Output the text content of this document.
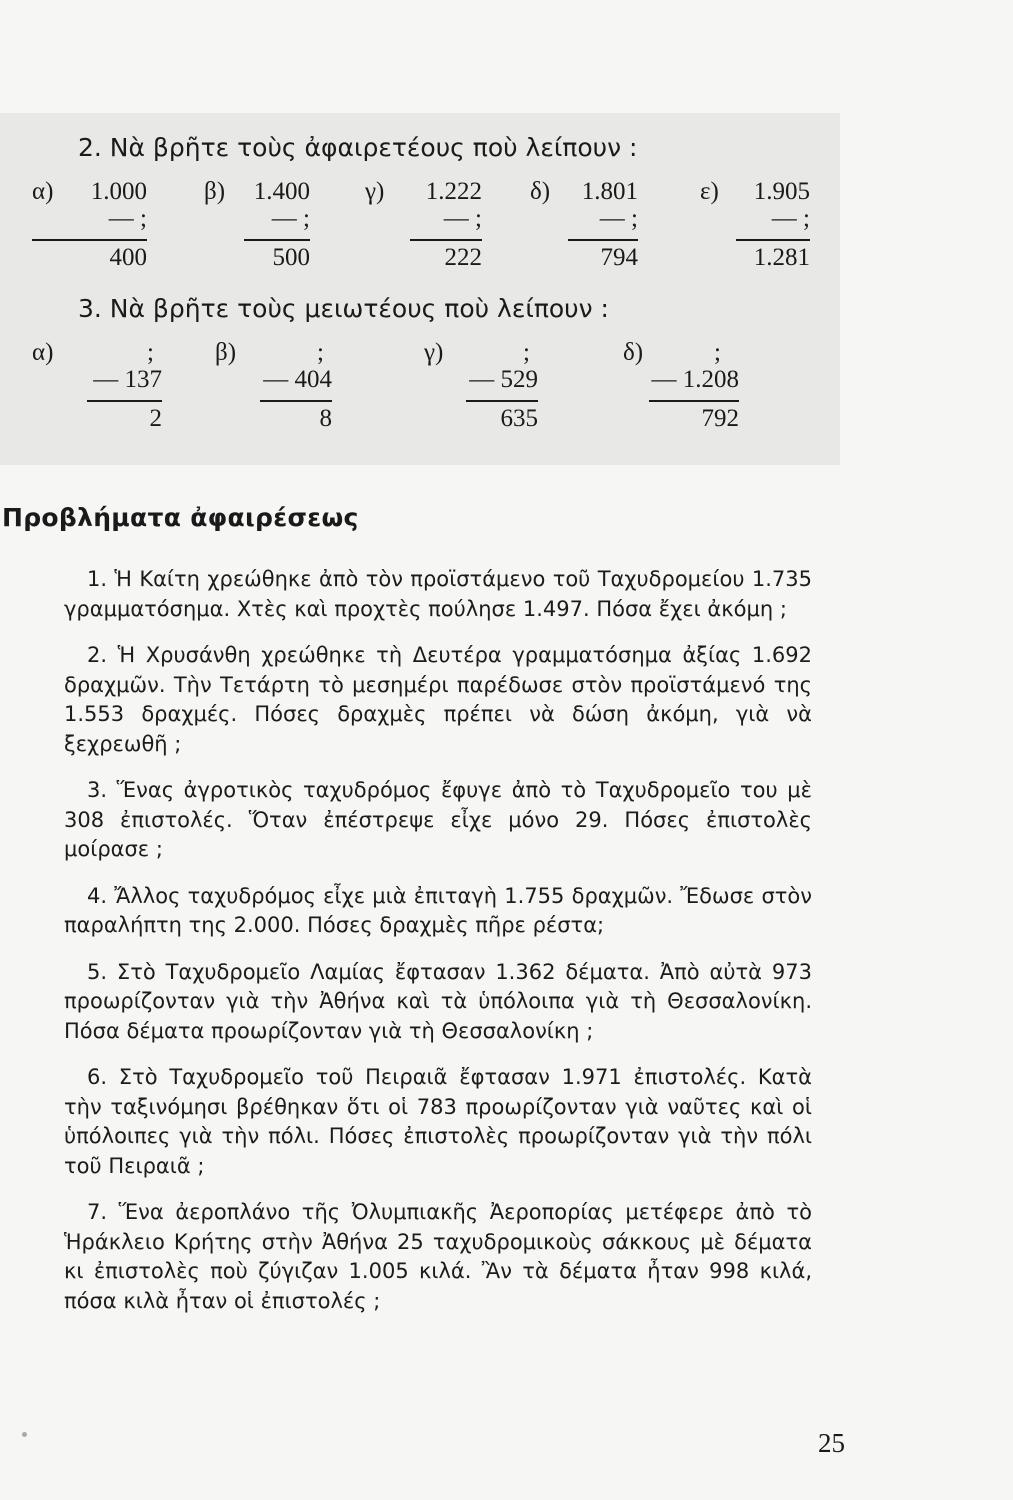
2. Νὰ βρῆτε τοὺς ἀφαιρετέους ποὺ λείπουν :
α) 1.000
— ;
400
β) 1.400
— ;
500
γ) 1.222
— ;
222
δ) 1.801
— ;
794
ε) 1.905
— ;
1.281
3. Νὰ βρῆτε τοὺς μειωτέους ποὺ λείπουν :
α)	;
— 137
2
β)	;
— 404
8
γ)	;
— 529
635
δ)	;
— 1.208
792
Προβλήματα ἀφαιρέσεως

1. Ἡ Καίτη χρεώθηκε ἀπὸ τὸν προϊστάμενο τοῦ Ταχυδρομείου 1.735 γραμματόσημα. Χτὲς καὶ προχτὲς πούλησε 1.497. Πόσα ἔχει ἀκόμη ;

2. Ἡ Χρυσάνθη χρεώθηκε τὴ Δευτέρα γραμματόσημα ἀξίας 1.692 δραχμῶν. Τὴν Τετάρτη τὸ μεσημέρι παρέδωσε στὸν προϊστάμενό της 1.553 δραχμές. Πόσες δραχμὲς πρέπει νὰ δώση ἀκόμη, γιὰ νὰ ξεχρεωθῆ ;

3. Ἕνας ἀγροτικὸς ταχυδρόμος ἔφυγε ἀπὸ τὸ Ταχυδρομεῖο του μὲ 308 ἐπιστολές. Ὅταν ἐπέστρεψε εἶχε μόνο 29. Πόσες ἐπιστολὲς μοίρασε ;

4. Ἄλλος ταχυδρόμος εἶχε μιὰ ἐπιταγὴ 1.755 δραχμῶν. Ἔδωσε στὸν παραλήπτη της 2.000. Πόσες δραχμὲς πῆρε ρέστα;

5. Στὸ Ταχυδρομεῖο Λαμίας ἔφτασαν 1.362 δέματα. Ἀπὸ αὐτὰ 973 προωρίζονταν γιὰ τὴν Ἀθήνα καὶ τὰ ὑπόλοιπα γιὰ τὴ Θεσσαλονίκη. Πόσα δέματα προωρίζονταν γιὰ τὴ Θεσσαλονίκη ;

6. Στὸ Ταχυδρομεῖο τοῦ Πειραιᾶ ἔφτασαν 1.971 ἐπιστολές. Κατὰ τὴν ταξινόμησι βρέθηκαν ὅτι οἱ 783 προωρίζονταν γιὰ ναῦτες καὶ οἱ ὑπόλοιπες γιὰ τὴν πόλι. Πόσες ἐπιστολὲς προωρίζονταν γιὰ τὴν πόλι τοῦ Πειραιᾶ ;

7. Ἕνα ἀεροπλάνο τῆς Ὀλυμπιακῆς Ἀεροπορίας μετέφερε ἀπὸ τὸ Ἡράκλειο Κρήτης στὴν Ἀθήνα 25 ταχυδρομικοὺς σάκκους μὲ δέματα κι ἐπιστολὲς ποὺ ζύγιζαν 1.005 κιλά. Ἂν τὰ δέματα ἦταν 998 κιλά, πόσα κιλὰ ἦταν οἱ ἐπιστολές ;

25
